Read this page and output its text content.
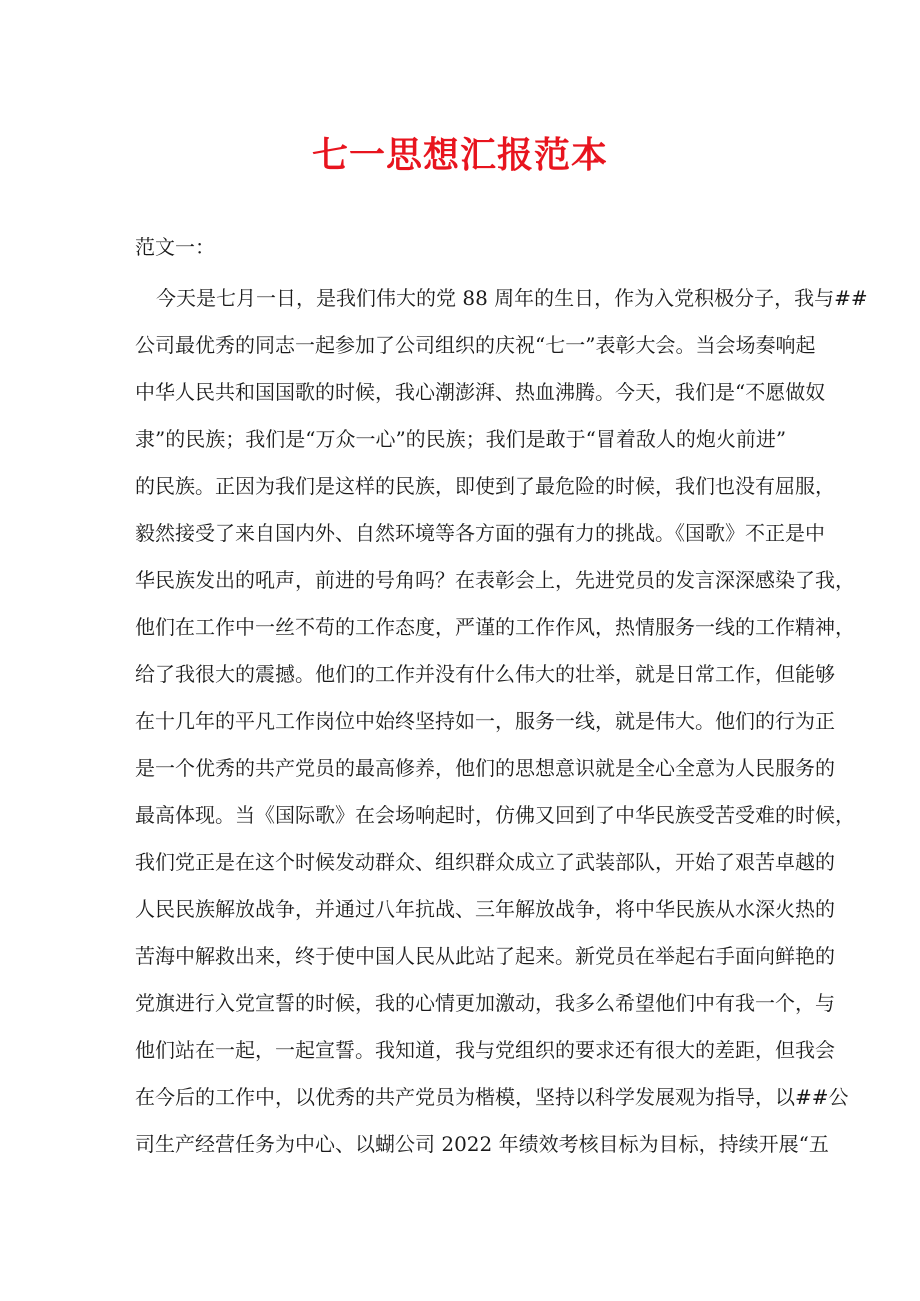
七一思想汇报范本
范文一：
今天是七月一日，是我们伟大的党 88 周年的生日，作为入党积极分子，我与##
公司最优秀的同志一起参加了公司组织的庆祝“七一”表彰大会。当会场奏响起
中华人民共和国国歌的时候，我心潮澎湃、热血沸腾。今天，我们是“不愿做奴
隶”的民族；我们是“万众一心”的民族；我们是敢于“冒着敌人的炮火前进”
的民族。正因为我们是这样的民族，即使到了最危险的时候，我们也没有屈服，
毅然接受了来自国内外、自然环境等各方面的强有力的挑战。《国歌》不正是中
华民族发出的吼声，前进的号角吗？在表彰会上，先进党员的发言深深感染了我，
他们在工作中一丝不苟的工作态度，严谨的工作作风，热情服务一线的工作精神，
给了我很大的震撼。他们的工作并没有什么伟大的壮举，就是日常工作，但能够
在十几年的平凡工作岗位中始终坚持如一，服务一线，就是伟大。他们的行为正
是一个优秀的共产党员的最高修养，他们的思想意识就是全心全意为人民服务的
最高体现。当《国际歌》在会场响起时，仿佛又回到了中华民族受苦受难的时候，
我们党正是在这个时候发动群众、组织群众成立了武装部队，开始了艰苦卓越的
人民民族解放战争，并通过八年抗战、三年解放战争，将中华民族从水深火热的
苦海中解救出来，终于使中国人民从此站了起来。新党员在举起右手面向鲜艳的
党旗进行入党宣誓的时候，我的心情更加激动，我多么希望他们中有我一个，与
他们站在一起，一起宣誓。我知道，我与党组织的要求还有很大的差距，但我会
在今后的工作中，以优秀的共产党员为楷模，坚持以科学发展观为指导，以##公
司生产经营任务为中心、以蝴公司 2022 年绩效考核目标为目标，持续开展“五
